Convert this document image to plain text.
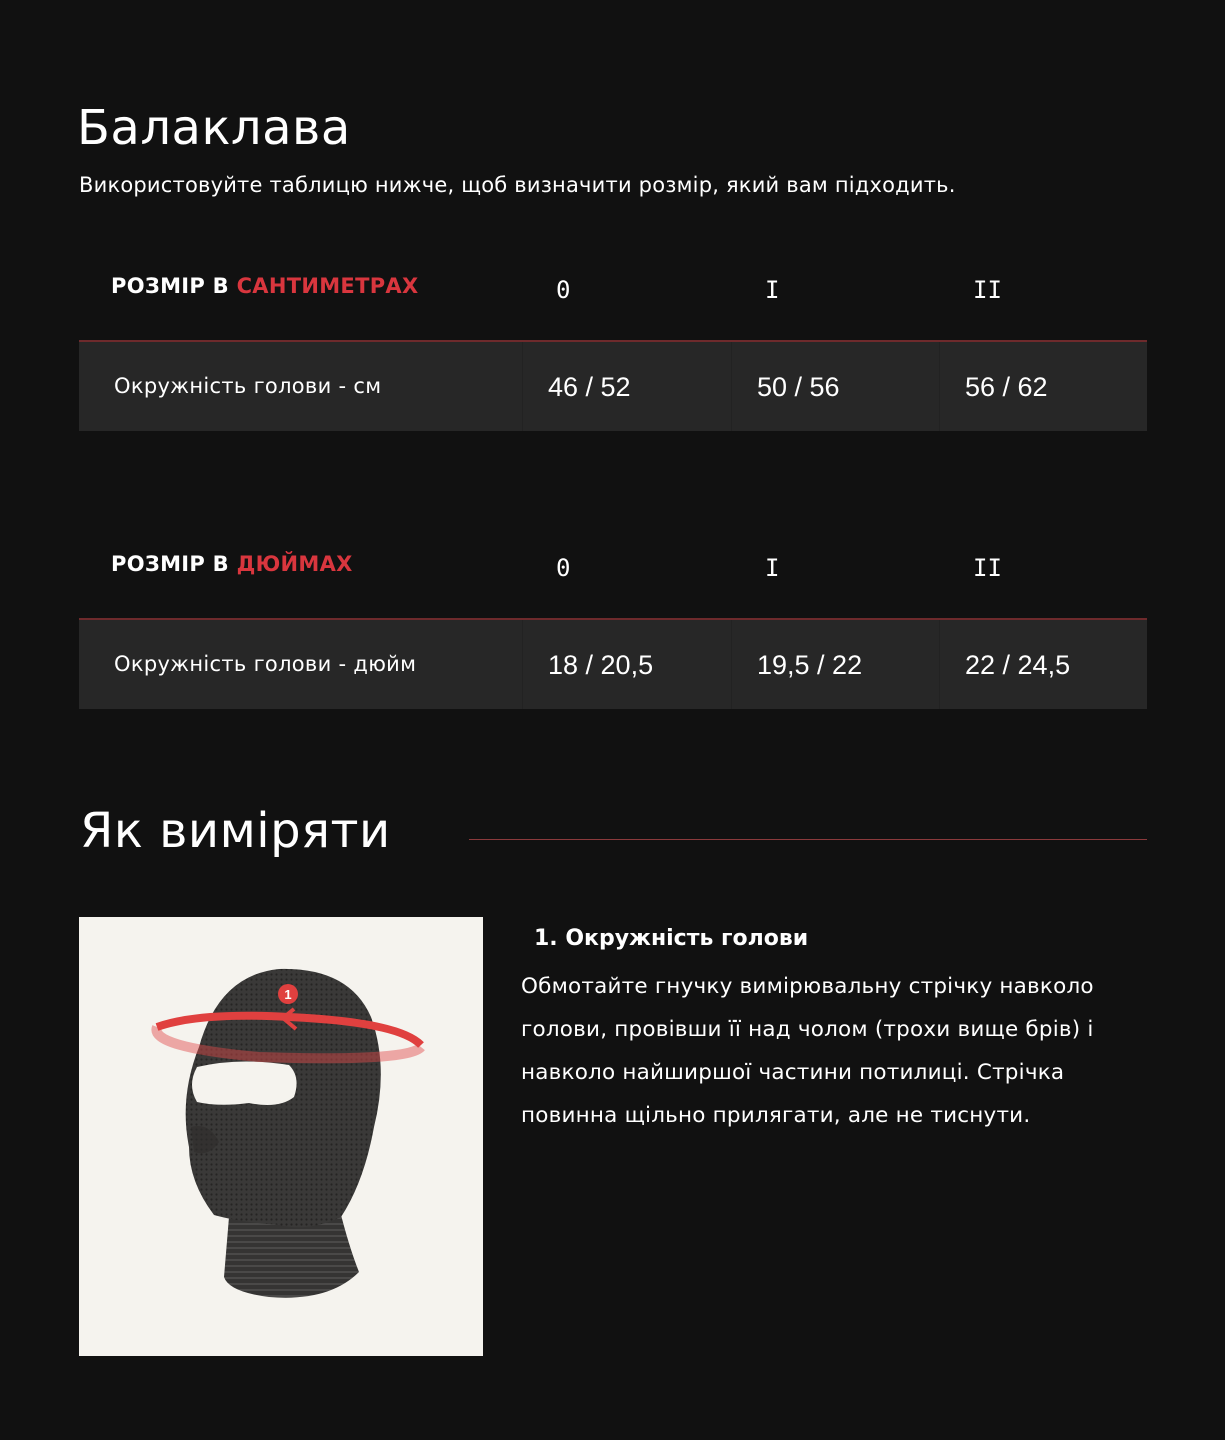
Балаклава

Використовуйте таблицю нижче, щоб визначити розмір, який вам підходить.

РОЗМІР В САНТИМЕТРАХ	0	I	II
Окружність голови - см	46 / 52	50 / 56	56 / 62
РОЗМІР В ДЮЙМАХ	0	I	II
Окружність голови - дюйм	18 / 20,5	19,5 / 22	22 / 24,5
Як виміряти
1
1. Окружність голови

Обмотайте гнучку вимірювальну стрічку навколо голови, провівши її над чолом (трохи вище брів) і навколо найширшої частини потилиці. Стрічка повинна щільно прилягати, але не тиснути.
